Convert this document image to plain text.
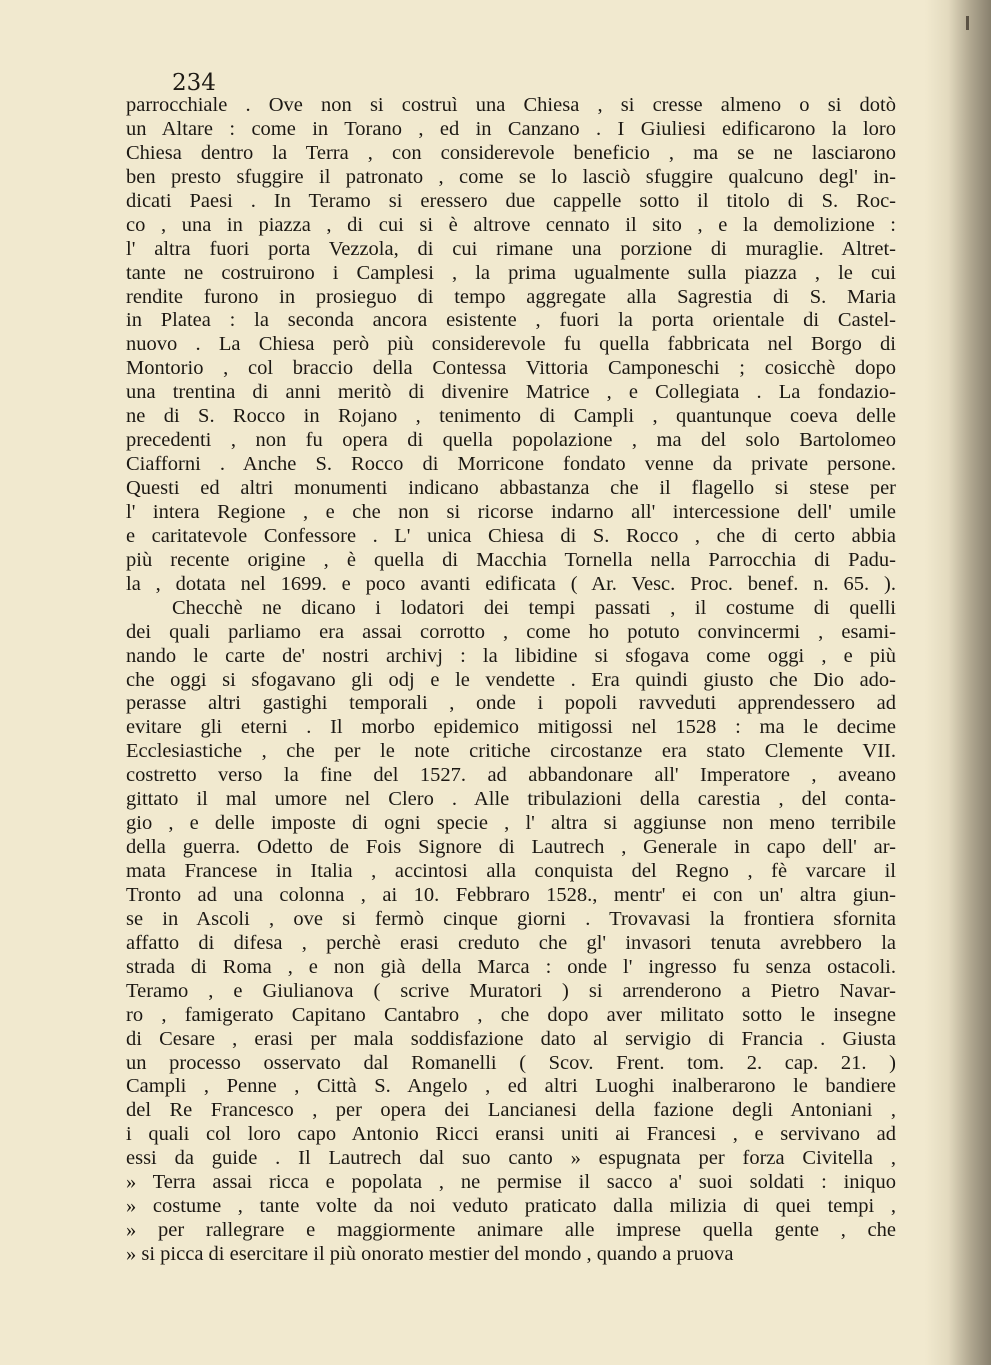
234
parrocchiale . Ove non si costruì una Chiesa , si cresse almeno o si dotò
un Altare : come in Torano , ed in Canzano . I Giuliesi edificarono la loro
Chiesa dentro la Terra , con considerevole beneficio , ma se ne lasciarono
ben presto sfuggire il patronato , come se lo lasciò sfuggire qualcuno degl' in-
dicati Paesi . In Teramo si eressero due cappelle sotto il titolo di S. Roc-
co , una in piazza , di cui si è altrove cennato il sito , e la demolizione :
l' altra fuori porta Vezzola, di cui rimane una porzione di muraglie. Altret-
tante ne costruirono i Camplesi , la prima ugualmente sulla piazza , le cui
rendite furono in prosieguo di tempo aggregate alla Sagrestia di S. Maria
in Platea : la seconda ancora esistente , fuori la porta orientale di Castel-
nuovo . La Chiesa però più considerevole fu quella fabbricata nel Borgo di
Montorio , col braccio della Contessa Vittoria Camponeschi ; cosicchè dopo
una trentina di anni meritò di divenire Matrice , e Collegiata . La fondazio-
ne di S. Rocco in Rojano , tenimento di Campli , quantunque coeva delle
precedenti , non fu opera di quella popolazione , ma del solo Bartolomeo
Ciafforni . Anche S. Rocco di Morricone fondato venne da private persone.
Questi ed altri monumenti indicano abbastanza che il flagello si stese per
l' intera Regione , e che non si ricorse indarno all' intercessione dell' umile
e caritatevole Confessore . L' unica Chiesa di S. Rocco , che di certo abbia
più recente origine , è quella di Macchia Tornella nella Parrocchia di Padu-
la , dotata nel 1699. e poco avanti edificata ( Ar. Vesc. Proc. benef. n. 65. ).
Checchè ne dicano i lodatori dei tempi passati , il costume di quelli
dei quali parliamo era assai corrotto , come ho potuto convincermi , esami-
nando le carte de' nostri archivj : la libidine si sfogava come oggi , e più
che oggi si sfogavano gli odj e le vendette . Era quindi giusto che Dio ado-
perasse altri gastighi temporali , onde i popoli ravveduti apprendessero ad
evitare gli eterni . Il morbo epidemico mitigossi nel 1528 : ma le decime
Ecclesiastiche , che per le note critiche circostanze era stato Clemente VII.
costretto verso la fine del 1527. ad abbandonare all' Imperatore , aveano
gittato il mal umore nel Clero . Alle tribulazioni della carestia , del conta-
gio , e delle imposte di ogni specie , l' altra si aggiunse non meno terribile
della guerra. Odetto de Fois Signore di Lautrech , Generale in capo dell' ar-
mata Francese in Italia , accintosi alla conquista del Regno , fè varcare il
Tronto ad una colonna , ai 10. Febbraro 1528., mentr' ei con un' altra giun-
se in Ascoli , ove si fermò cinque giorni . Trovavasi la frontiera sfornita
affatto di difesa , perchè erasi creduto che gl' invasori tenuta avrebbero la
strada di Roma , e non già della Marca : onde l' ingresso fu senza ostacoli.
Teramo , e Giulianova ( scrive Muratori ) si arrenderono a Pietro Navar-
ro , famigerato Capitano Cantabro , che dopo aver militato sotto le insegne
di Cesare , erasi per mala soddisfazione dato al servigio di Francia . Giusta
un processo osservato dal Romanelli ( Scov. Frent. tom. 2. cap. 21. )
Campli , Penne , Città S. Angelo , ed altri Luoghi inalberarono le bandiere
del Re Francesco , per opera dei Lancianesi della fazione degli Antoniani ,
i quali col loro capo Antonio Ricci eransi uniti ai Francesi , e servivano ad
essi da guide . Il Lautrech dal suo canto » espugnata per forza Civitella ,
» Terra assai ricca e popolata , ne permise il sacco a' suoi soldati : iniquo
» costume , tante volte da noi veduto praticato dalla milizia di quei tempi ,
» per rallegrare e maggiormente animare alle imprese quella gente , che
» si picca di esercitare il più onorato mestier del mondo , quando a pruova
